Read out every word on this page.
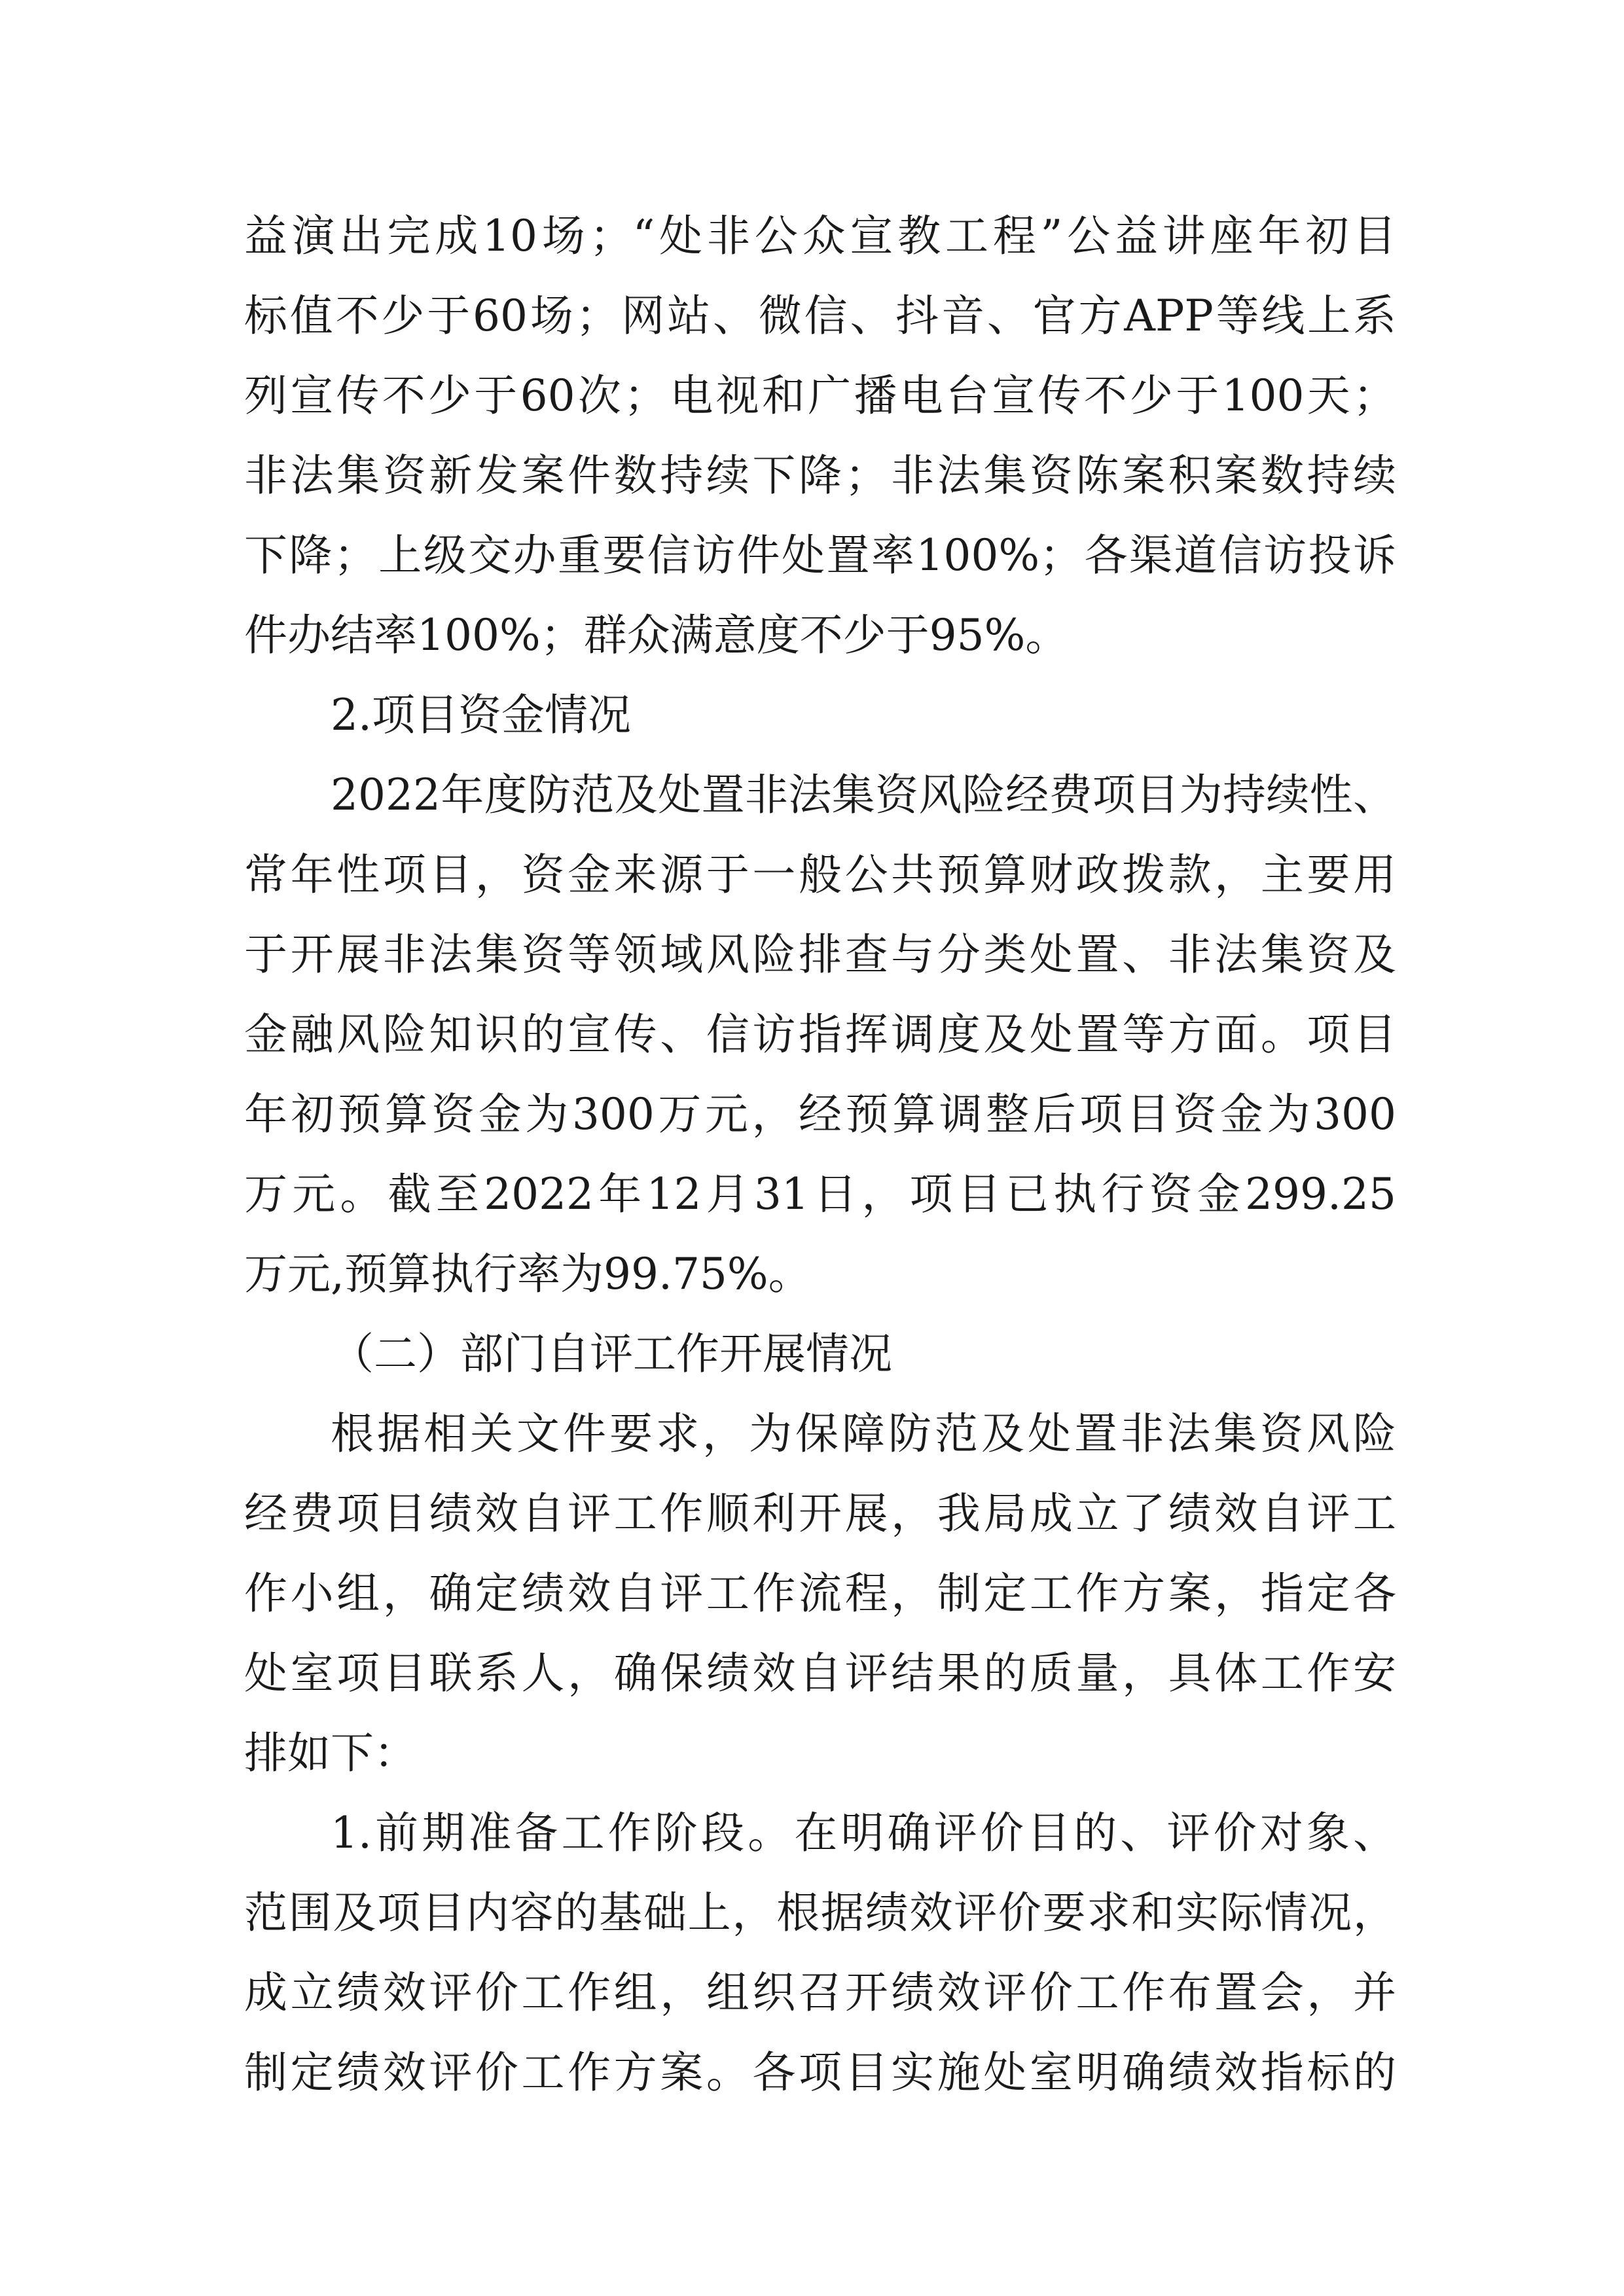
益演出完成10场；“处非公众宣教工程”公益讲座年初目
标值不少于60场；网站、微信、抖音、官方APP等线上系
列宣传不少于60次；电视和广播电台宣传不少于100天；
非法集资新发案件数持续下降；非法集资陈案积案数持续
下降；上级交办重要信访件处置率100%；各渠道信访投诉
件办结率100%；群众满意度不少于95%。
2.项目资金情况
2022年度防范及处置非法集资风险经费项目为持续性、
常年性项目，资金来源于一般公共预算财政拨款，主要用
于开展非法集资等领域风险排查与分类处置、非法集资及
金融风险知识的宣传、信访指挥调度及处置等方面。项目
年初预算资金为300万元，经预算调整后项目资金为300
万元。截至2022年12月31日，项目已执行资金299.25
万元,预算执行率为99.75%。
（二）部门自评工作开展情况
根据相关文件要求，为保障防范及处置非法集资风险
经费项目绩效自评工作顺利开展，我局成立了绩效自评工
作小组，确定绩效自评工作流程，制定工作方案，指定各
处室项目联系人，确保绩效自评结果的质量，具体工作安
排如下：
1.前期准备工作阶段。在明确评价目的、评价对象、
范围及项目内容的基础上，根据绩效评价要求和实际情况，
成立绩效评价工作组，组织召开绩效评价工作布置会，并
制定绩效评价工作方案。各项目实施处室明确绩效指标的
